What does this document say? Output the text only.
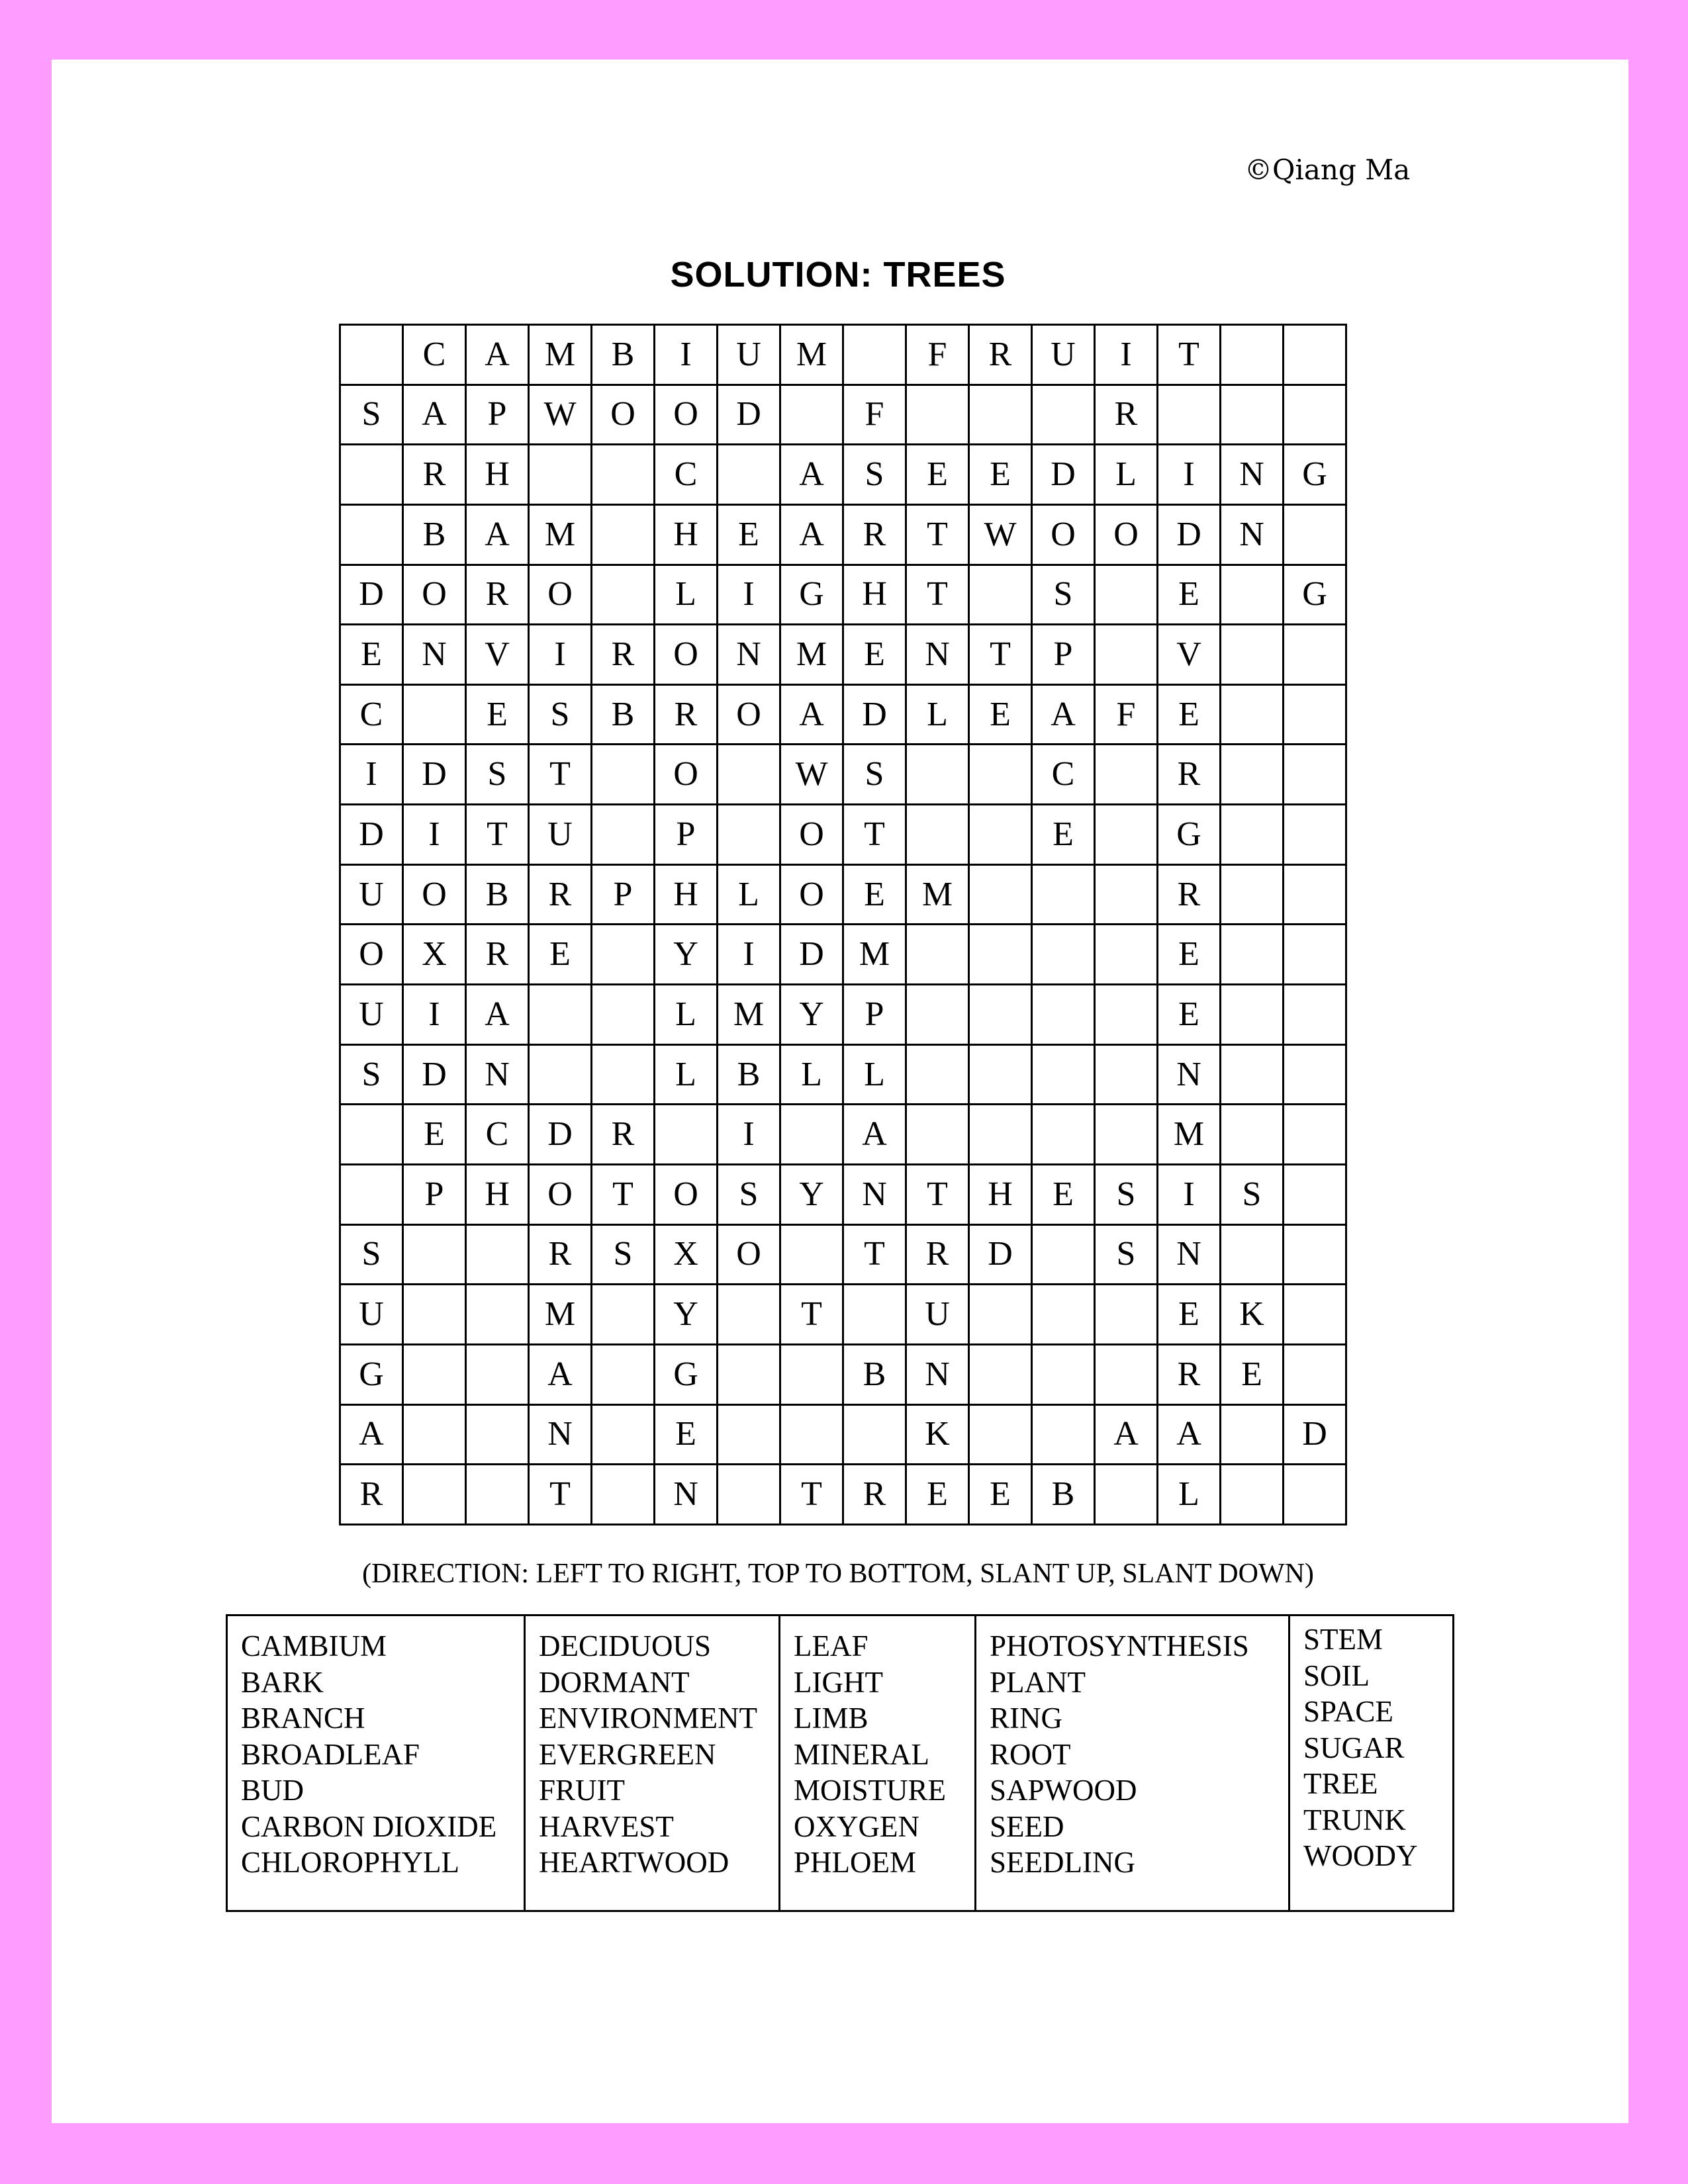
©Qiang Ma
SOLUTION: TREES
	C	A	M	B	I	U	M		F	R	U	I	T		
S	A	P	W	O	O	D		F				R			
	R	H			C		A	S	E	E	D	L	I	N	G
	B	A	M		H	E	A	R	T	W	O	O	D	N	
D	O	R	O		L	I	G	H	T		S		E		G
E	N	V	I	R	O	N	M	E	N	T	P		V		
C		E	S	B	R	O	A	D	L	E	A	F	E		
I	D	S	T		O		W	S			C		R		
D	I	T	U		P		O	T			E		G		
U	O	B	R	P	H	L	O	E	M				R		
O	X	R	E		Y	I	D	M					E		
U	I	A			L	M	Y	P					E		
S	D	N			L	B	L	L					N		
	E	C	D	R		I		A					M		
	P	H	O	T	O	S	Y	N	T	H	E	S	I	S	
S			R	S	X	O		T	R	D		S	N		
U			M		Y		T		U				E	K	
G			A		G			B	N				R	E	
A			N		E				K			A	A		D
R			T		N		T	R	E	E	B		L		
(DIRECTION: LEFT TO RIGHT, TOP TO BOTTOM, SLANT UP, SLANT DOWN)
CAMBIUM
BARK
BRANCH
BROADLEAF
BUD
CARBON DIOXIDE
CHLOROPHYLL

DECIDUOUS
DORMANT
ENVIRONMENT
EVERGREEN
FRUIT
HARVEST
HEARTWOOD

LEAF
LIGHT
LIMB
MINERAL
MOISTURE
OXYGEN
PHLOEM

PHOTOSYNTHESIS
PLANT
RING
ROOT
SAPWOOD
SEED
SEEDLING

STEM
SOIL
SPACE
SUGAR
TREE
TRUNK
WOODY
